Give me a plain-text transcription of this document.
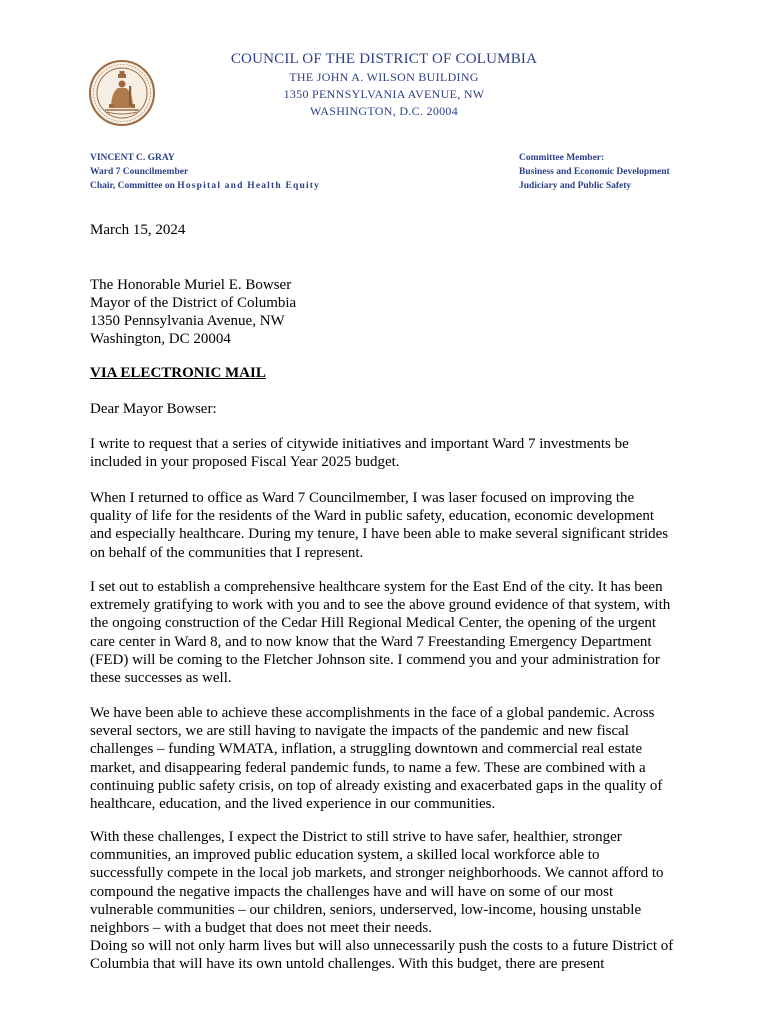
COUNCIL OF THE DISTRICT OF COLUMBIA
THE JOHN A. WILSON BUILDING
1350 PENNSYLVANIA AVENUE, NW
WASHINGTON, D.C. 20004
VINCENT C. GRAY
Ward 7 Councilmember
Chair, Committee on Hospital and Health Equity
Committee Member:
Business and Economic Development
Judiciary and Public Safety
March 15, 2024
The Honorable Muriel E. Bowser
Mayor of the District of Columbia
1350 Pennsylvania Avenue, NW
Washington, DC 20004
VIA ELECTRONIC MAIL
Dear Mayor Bowser:
I write to request that a series of citywide initiatives and important Ward 7 investments be
included in your proposed Fiscal Year 2025 budget.
When I returned to office as Ward 7 Councilmember, I was laser focused on improving the
quality of life for the residents of the Ward in public safety, education, economic development
and especially healthcare. During my tenure, I have been able to make several significant strides
on behalf of the communities that I represent.
I set out to establish a comprehensive healthcare system for the East End of the city. It has been
extremely gratifying to work with you and to see the above ground evidence of that system, with
the ongoing construction of the Cedar Hill Regional Medical Center, the opening of the urgent
care center in Ward 8, and to now know that the Ward 7 Freestanding Emergency Department
(FED) will be coming to the Fletcher Johnson site. I commend you and your administration for
these successes as well.
We have been able to achieve these accomplishments in the face of a global pandemic. Across
several sectors, we are still having to navigate the impacts of the pandemic and new fiscal
challenges – funding WMATA, inflation, a struggling downtown and commercial real estate
market, and disappearing federal pandemic funds, to name a few. These are combined with a
continuing public safety crisis, on top of already existing and exacerbated gaps in the quality of
healthcare, education, and the lived experience in our communities.
With these challenges, I expect the District to still strive to have safer, healthier, stronger
communities, an improved public education system, a skilled local workforce able to
successfully compete in the local job markets, and stronger neighborhoods. We cannot afford to
compound the negative impacts the challenges have and will have on some of our most
vulnerable communities – our children, seniors, underserved, low-income, housing unstable
neighbors – with a budget that does not meet their needs.
Doing so will not only harm lives but will also unnecessarily push the costs to a future District of
Columbia that will have its own untold challenges. With this budget, there are present
